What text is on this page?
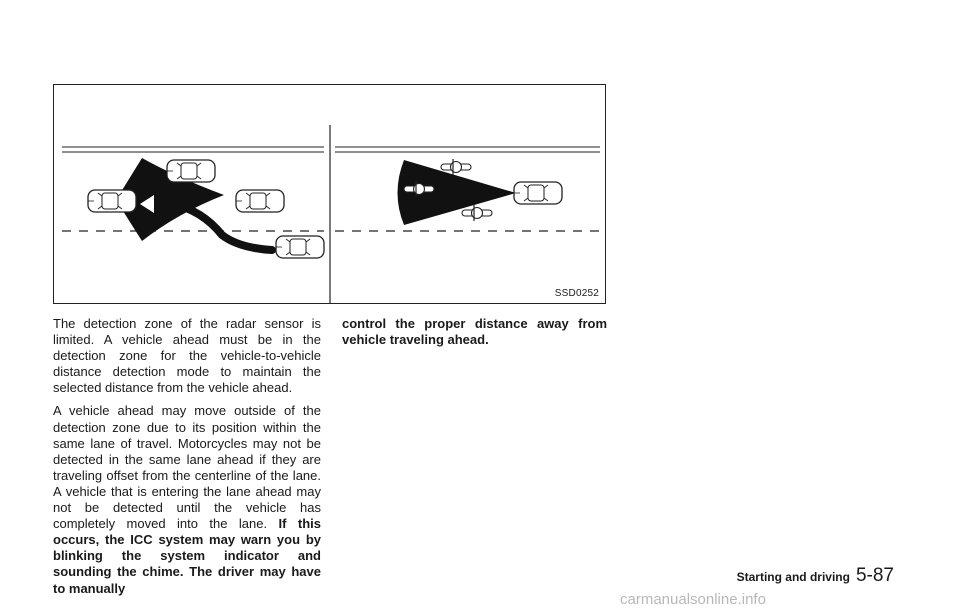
SSD0252

The detection zone of the radar sensor is limited. A vehicle ahead must be in the detection zone for the vehicle-to-vehicle distance detection mode to maintain the selected distance from the vehicle ahead.

A vehicle ahead may move outside of the detection zone due to its position within the same lane of travel. Motorcycles may not be detected in the same lane ahead if they are traveling offset from the centerline of the lane. A vehicle that is entering the lane ahead may not be detected until the vehicle has completely moved into the lane. If this occurs, the ICC system may warn you by blinking the system indicator and sounding the chime. The driver may have to manually

control the proper distance away from vehicle traveling ahead.

Starting and driving 5-87
carmanualsonline.info
